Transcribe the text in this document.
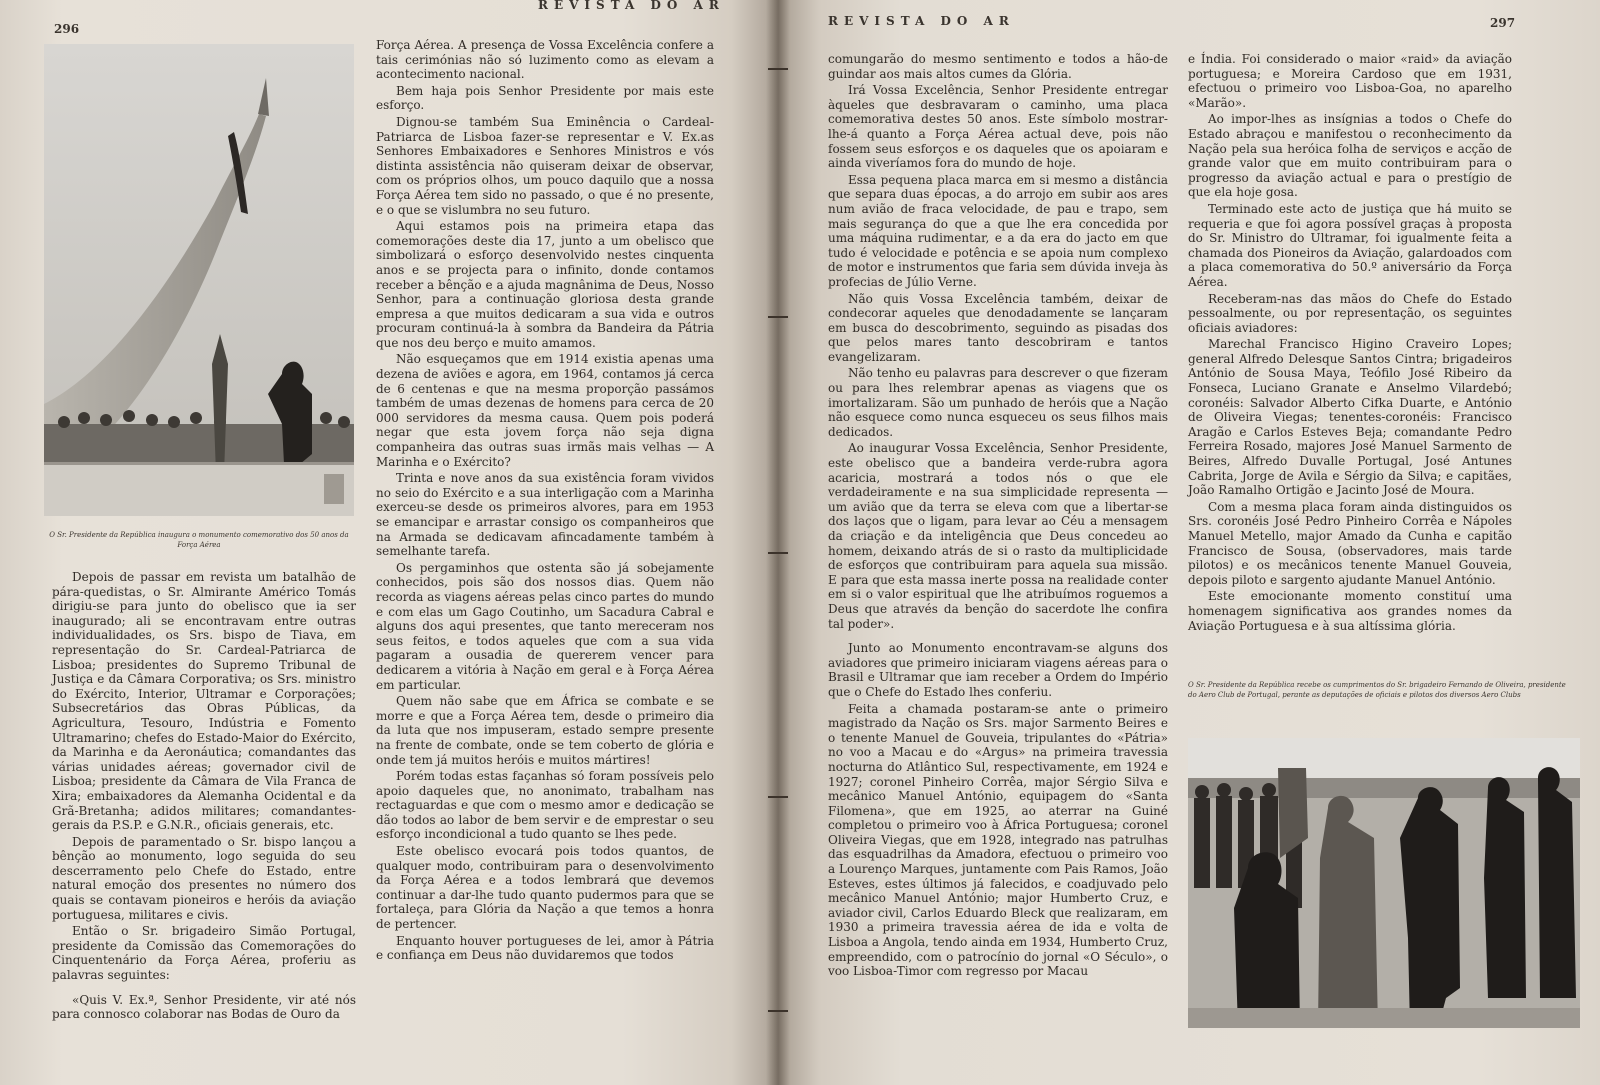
296
REVISTA DO AR
O Sr. Presidente da República inaugura o monumento comemorativo dos 50 anos da Força Aérea

Depois de passar em revista um batalhão de pára-quedistas, o Sr. Almirante Américo Tomás dirigiu-se para junto do obelisco que ia ser inaugurado; ali se encontravam entre outras individualidades, os Srs. bispo de Tiava, em representação do Sr. Cardeal-Patriarca de Lisboa; presidentes do Supremo Tribunal de Justiça e da Câmara Corporativa; os Srs. ministro do Exército, Interior, Ultramar e Corporações; Subsecretários das Obras Públicas, da Agricultura, Tesouro, Indústria e Fomento Ultramarino; chefes do Estado-Maior do Exército, da Marinha e da Aeronáutica; comandantes das várias unidades aéreas; governador civil de Lisboa; presidente da Câmara de Vila Franca de Xira; embaixadores da Alemanha Ocidental e da Grã-Bretanha; adidos militares; comandantes-gerais da P.S.P. e G.N.R., oficiais generais, etc.

Depois de paramentado o Sr. bispo lançou a bênção ao monumento, logo seguida do seu descerramento pelo Chefe do Estado, entre natural emoção dos presentes no número dos quais se contavam pioneiros e heróis da aviação portuguesa, militares e civis.

Então o Sr. brigadeiro Simão Portugal, presidente da Comissão das Comemorações do Cinquentenário da Força Aérea, proferiu as palavras seguintes:

«Quis V. Ex.ª, Senhor Presidente, vir até nós para connosco colaborar nas Bodas de Ouro da

Força Aérea. A presença de Vossa Excelência confere a tais cerimónias não só luzimento como as elevam a acontecimento nacional.

Bem haja pois Senhor Presidente por mais este esforço.

Dignou-se também Sua Eminência o Cardeal-Patriarca de Lisboa fazer-se representar e V. Ex.as Senhores Embaixadores e Senhores Ministros e vós distinta assistência não quiseram deixar de observar, com os próprios olhos, um pouco daquilo que a nossa Força Aérea tem sido no passado, o que é no presente, e o que se vislumbra no seu futuro.

Aqui estamos pois na primeira etapa das comemorações deste dia 17, junto a um obelisco que simbolizará o esforço desenvolvido nestes cinquenta anos e se projecta para o infinito, donde contamos receber a bênção e a ajuda magnânima de Deus, Nosso Senhor, para a continuação gloriosa desta grande empresa a que muitos dedicaram a sua vida e outros procuram continuá-la à sombra da Bandeira da Pátria que nos deu berço e muito amamos.

Não esqueçamos que em 1914 existia apenas uma dezena de aviões e agora, em 1964, contamos já cerca de 6 centenas e que na mesma proporção passámos também de umas dezenas de homens para cerca de 20 000 servidores da mesma causa. Quem pois poderá negar que esta jovem força não seja digna companheira das outras suas irmãs mais velhas — A Marinha e o Exército?

Trinta e nove anos da sua existência foram vividos no seio do Exército e a sua interligação com a Marinha exerceu-se desde os primeiros alvores, para em 1953 se emancipar e arrastar consigo os companheiros que na Armada se dedicavam afincadamente também à semelhante tarefa.

Os pergaminhos que ostenta são já sobejamente conhecidos, pois são dos nossos dias. Quem não recorda as viagens aéreas pelas cinco partes do mundo e com elas um Gago Coutinho, um Sacadura Cabral e alguns dos aqui presentes, que tanto mereceram nos seus feitos, e todos aqueles que com a sua vida pagaram a ousadia de quererem vencer para dedicarem a vitória à Nação em geral e à Força Aérea em particular.

Quem não sabe que em África se combate e se morre e que a Força Aérea tem, desde o primeiro dia da luta que nos impuseram, estado sempre presente na frente de combate, onde se tem coberto de glória e onde tem já muitos heróis e muitos mártires!

Porém todas estas façanhas só foram possíveis pelo apoio daqueles que, no anonimato, trabalham nas rectaguardas e que com o mesmo amor e dedicação se dão todos ao labor de bem servir e de emprestar o seu esforço incondicional a tudo quanto se lhes pede.

Este obelisco evocará pois todos quantos, de qualquer modo, contribuiram para o desenvolvimento da Força Aérea e a todos lembrará que devemos continuar a dar-lhe tudo quanto pudermos para que se fortaleça, para Glória da Nação a que temos a honra de pertencer.

Enquanto houver portugueses de lei, amor à Pátria e confiança em Deus não duvidaremos que todos

REVISTA DO AR	297

comungarão do mesmo sentimento e todos a hão-de guindar aos mais altos cumes da Glória.

Irá Vossa Excelência, Senhor Presidente entregar àqueles que desbravaram o caminho, uma placa comemorativa destes 50 anos. Este símbolo mostrar-lhe-á quanto a Força Aérea actual deve, pois não fossem seus esforços e os daqueles que os apoiaram e ainda viveríamos fora do mundo de hoje.

Essa pequena placa marca em si mesmo a distância que separa duas épocas, a do arrojo em subir aos ares num avião de fraca velocidade, de pau e trapo, sem mais segurança do que a que lhe era concedida por uma máquina rudimentar, e a da era do jacto em que tudo é velocidade e potência e se apoia num complexo de motor e instrumentos que faria sem dúvida inveja às profecias de Júlio Verne.

Não quis Vossa Excelência também, deixar de condecorar aqueles que denodadamente se lançaram em busca do descobrimento, seguindo as pisadas dos que pelos mares tanto descobriram e tantos evangelizaram.

Não tenho eu palavras para descrever o que fizeram ou para lhes relembrar apenas as viagens que os imortalizaram. São um punhado de heróis que a Nação não esquece como nunca esqueceu os seus filhos mais dedicados.

Ao inaugurar Vossa Excelência, Senhor Presidente, este obelisco que a bandeira verde-rubra agora acaricia, mostrará a todos nós o que ele verdadeiramente e na sua simplicidade representa — um avião que da terra se eleva com que a libertar-se dos laços que o ligam, para levar ao Céu a mensagem da criação e da inteligência que Deus concedeu ao homem, deixando atrás de si o rasto da multiplicidade de esforços que contribuiram para aquela sua missão. E para que esta massa inerte possa na realidade conter em si o valor espiritual que lhe atribuímos roguemos a Deus que através da benção do sacerdote lhe confira tal poder».

Junto ao Monumento encontravam-se alguns dos aviadores que primeiro iniciaram viagens aéreas para o Brasil e Ultramar que iam receber a Ordem do Império que o Chefe do Estado lhes conferiu.

Feita a chamada postaram-se ante o primeiro magistrado da Nação os Srs. major Sarmento Beires e o tenente Manuel de Gouveia, tripulantes do «Pátria» no voo a Macau e do «Argus» na primeira travessia nocturna do Atlântico Sul, respectivamente, em 1924 e 1927; coronel Pinheiro Corrêa, major Sérgio Silva e mecânico Manuel António, equipagem do «Santa Filomena», que em 1925, ao aterrar na Guiné completou o primeiro voo à África Portuguesa; coronel Oliveira Viegas, que em 1928, integrado nas patrulhas das esquadrilhas da Amadora, efectuou o primeiro voo a Lourenço Marques, juntamente com Pais Ramos, João Esteves, estes últimos já falecidos, e coadjuvado pelo mecânico Manuel António; major Humberto Cruz, e aviador civil, Carlos Eduardo Bleck que realizaram, em 1930 a primeira travessia aérea de ida e volta de Lisboa a Angola, tendo ainda em 1934, Humberto Cruz, empreendido, com o patrocínio do jornal «O Século», o voo Lisboa-Timor com regresso por Macau

e Índia. Foi considerado o maior «raid» da aviação portuguesa; e Moreira Cardoso que em 1931, efectuou o primeiro voo Lisboa-Goa, no aparelho «Marão».

Ao impor-lhes as insígnias a todos o Chefe do Estado abraçou e manifestou o reconhecimento da Nação pela sua heróica folha de serviços e acção de grande valor que em muito contribuiram para o progresso da aviação actual e para o prestígio de que ela hoje gosa.

Terminado este acto de justiça que há muito se requeria e que foi agora possível graças à proposta do Sr. Ministro do Ultramar, foi igualmente feita a chamada dos Pioneiros da Aviação, galardoados com a placa comemorativa do 50.º aniversário da Força Aérea.

Receberam-nas das mãos do Chefe do Estado pessoalmente, ou por representação, os seguintes oficiais aviadores:

Marechal Francisco Higino Craveiro Lopes; general Alfredo Delesque Santos Cintra; brigadeiros António de Sousa Maya, Teófilo José Ribeiro da Fonseca, Luciano Granate e Anselmo Vilardebó; coronéis: Salvador Alberto Cifka Duarte, e António de Oliveira Viegas; tenentes-coronéis: Francisco Aragão e Carlos Esteves Beja; comandante Pedro Ferreira Rosado, majores José Manuel Sarmento de Beires, Alfredo Duvalle Portugal, José Antunes Cabrita, Jorge de Avila e Sérgio da Silva; e capitães, João Ramalho Ortigão e Jacinto José de Moura.

Com a mesma placa foram ainda distinguidos os Srs. coronéis José Pedro Pinheiro Corrêa e Nápoles Manuel Metello, major Amado da Cunha e capitão Francisco de Sousa, (observadores, mais tarde pilotos) e os mecânicos tenente Manuel Gouveia, depois piloto e sargento ajudante Manuel António.

Este emocionante momento constituí uma homenagem significativa aos grandes nomes da Aviação Portuguesa e à sua altíssima glória.

O Sr. Presidente da República recebe os cumprimentos do Sr. brigadeiro Fernando de Oliveira, presidente do Aero Club de Portugal, perante as deputações de oficiais e pilotos dos diversos Aero Clubs
